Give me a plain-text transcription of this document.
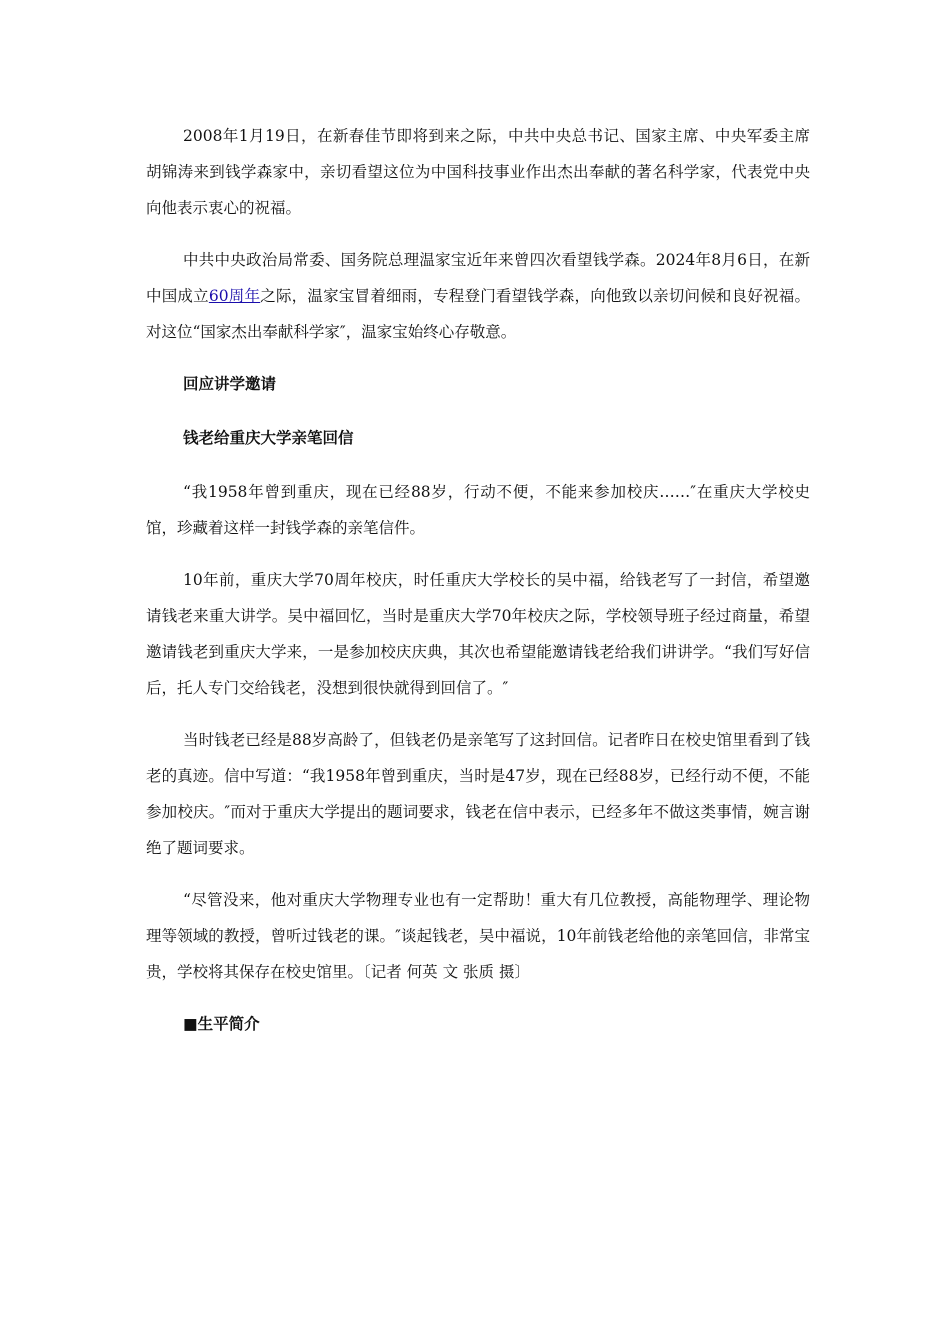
2008年1月19日，在新春佳节即将到来之际，中共中央总书记、国家主席、中央军委主席胡锦涛来到钱学森家中，亲切看望这位为中国科技事业作出杰出奉献的著名科学家，代表党中央向他表示衷心的祝福。

中共中央政治局常委、国务院总理温家宝近年来曾四次看望钱学森。2024年8月6日，在新中国成立60周年之际，温家宝冒着细雨，专程登门看望钱学森，向他致以亲切问候和良好祝福。对这位“国家杰出奉献科学家″，温家宝始终心存敬意。

回应讲学邀请

钱老给重庆大学亲笔回信

“我1958年曾到重庆，现在已经88岁，行动不便，不能来参加校庆……″在重庆大学校史馆，珍藏着这样一封钱学森的亲笔信件。

10年前，重庆大学70周年校庆，时任重庆大学校长的吴中福，给钱老写了一封信，希望邀请钱老来重大讲学。吴中福回忆，当时是重庆大学70年校庆之际，学校领导班子经过商量，希望邀请钱老到重庆大学来，一是参加校庆庆典，其次也希望能邀请钱老给我们讲讲学。“我们写好信后，托人专门交给钱老，没想到很快就得到回信了。″

当时钱老已经是88岁高龄了，但钱老仍是亲笔写了这封回信。记者昨日在校史馆里看到了钱老的真迹。信中写道：“我1958年曾到重庆，当时是47岁，现在已经88岁，已经行动不便，不能参加校庆。″而对于重庆大学提出的题词要求，钱老在信中表示，已经多年不做这类事情，婉言谢绝了题词要求。

“尽管没来，他对重庆大学物理专业也有一定帮助！重大有几位教授，高能物理学、理论物理等领域的教授，曾听过钱老的课。″谈起钱老，吴中福说，10年前钱老给他的亲笔回信，非常宝贵，学校将其保存在校史馆里。〔记者 何英 文 张质 摄〕

■生平简介
